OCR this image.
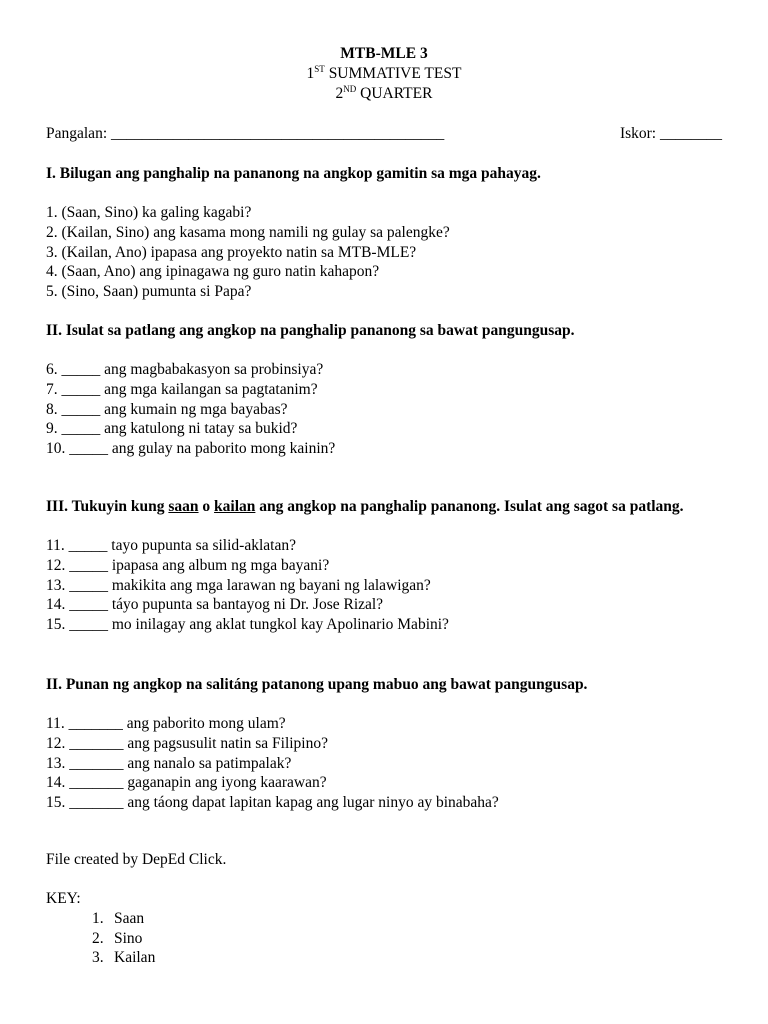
MTB-MLE 3
1ST SUMMATIVE TEST
2ND QUARTER
Pangalan: ___________________________________________	Iskor: ________
I. Bilugan ang panghalip na pananong na angkop gamitin sa mga pahayag.
1. (Saan, Sino) ka galing kagabi?
2. (Kailan, Sino) ang kasama mong namili ng gulay sa palengke?
3. (Kailan, Ano) ipapasa ang proyekto natin sa MTB-MLE?
4. (Saan, Ano) ang ipinagawa ng guro natin kahapon?
5. (Sino, Saan) pumunta si Papa?
II. Isulat sa patlang ang angkop na panghalip pananong sa bawat pangungusap.
6. _____ ang magbabakasyon sa probinsiya?
7. _____ ang mga kailangan sa pagtatanim?
8. _____ ang kumain ng mga bayabas?
9. _____ ang katulong ni tatay sa bukid?
10. _____ ang gulay na paborito mong kainin?
III. Tukuyin kung saan o kailan ang angkop na panghalip pananong. Isulat ang sagot sa patlang.
11. _____ tayo pupunta sa silid-aklatan?
12. _____ ipapasa ang album ng mga bayani?
13. _____ makikita ang mga larawan ng bayani ng lalawigan?
14. _____ táyo pupunta sa bantayog ni Dr. Jose Rizal?
15. _____ mo inilagay ang aklat tungkol kay Apolinario Mabini?
II. Punan ng angkop na salitáng patanong upang mabuo ang bawat pangungusap.
11. _______ ang paborito mong ulam?
12. _______ ang pagsusulit natin sa Filipino?
13. _______ ang nanalo sa patimpalak?
14. _______ gaganapin ang iyong kaarawan?
15. _______ ang táong dapat lapitan kapag ang lugar ninyo ay binabaha?
File created by DepEd Click.
KEY:
1. Saan
2. Sino
3. Kailan
